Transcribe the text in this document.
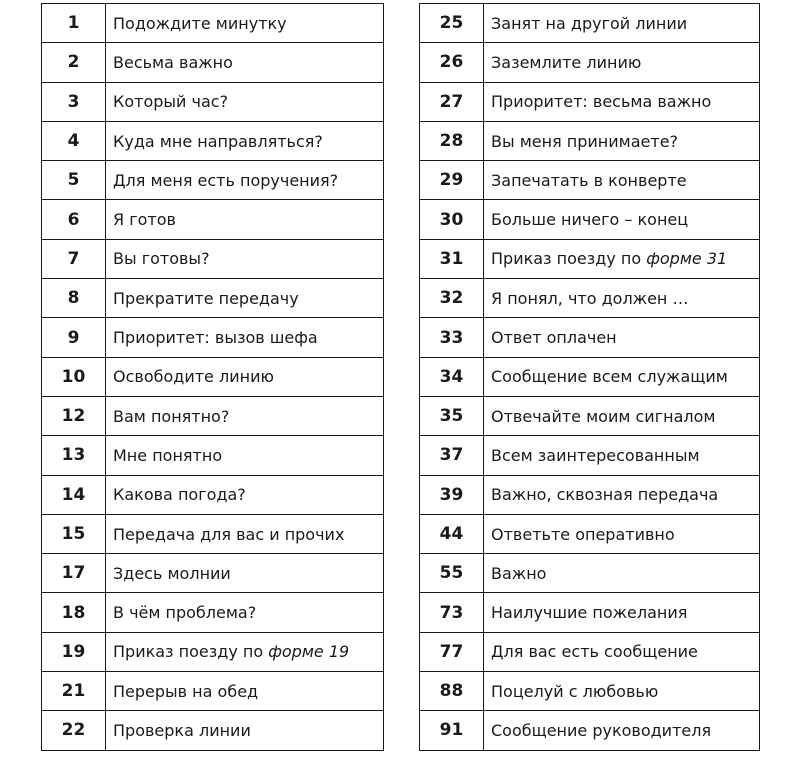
1	Подождите минутку
2	Весьма важно
3	Который час?
4	Куда мне направляться?
5	Для меня есть поручения?
6	Я готов
7	Вы готовы?
8	Прекратите передачу
9	Приоритет: вызов шефа
10	Освободите линию
12	Вам понятно?
13	Мне понятно
14	Какова погода?
15	Передача для вас и прочих
17	Здесь молнии
18	В чём проблема?
19	Приказ поезду по форме 19
21	Перерыв на обед
22	Проверка линии
25	Занят на другой линии
26	Заземлите линию
27	Приоритет: весьма важно
28	Вы меня принимаете?
29	Запечатать в конверте
30	Больше ничего – конец
31	Приказ поезду по форме 31
32	Я понял, что должен …
33	Ответ оплачен
34	Сообщение всем служащим
35	Отвечайте моим сигналом
37	Всем заинтересованным
39	Важно, сквозная передача
44	Ответьте оперативно
55	Важно
73	Наилучшие пожелания
77	Для вас есть сообщение
88	Поцелуй с любовью
91	Сообщение руководителя
